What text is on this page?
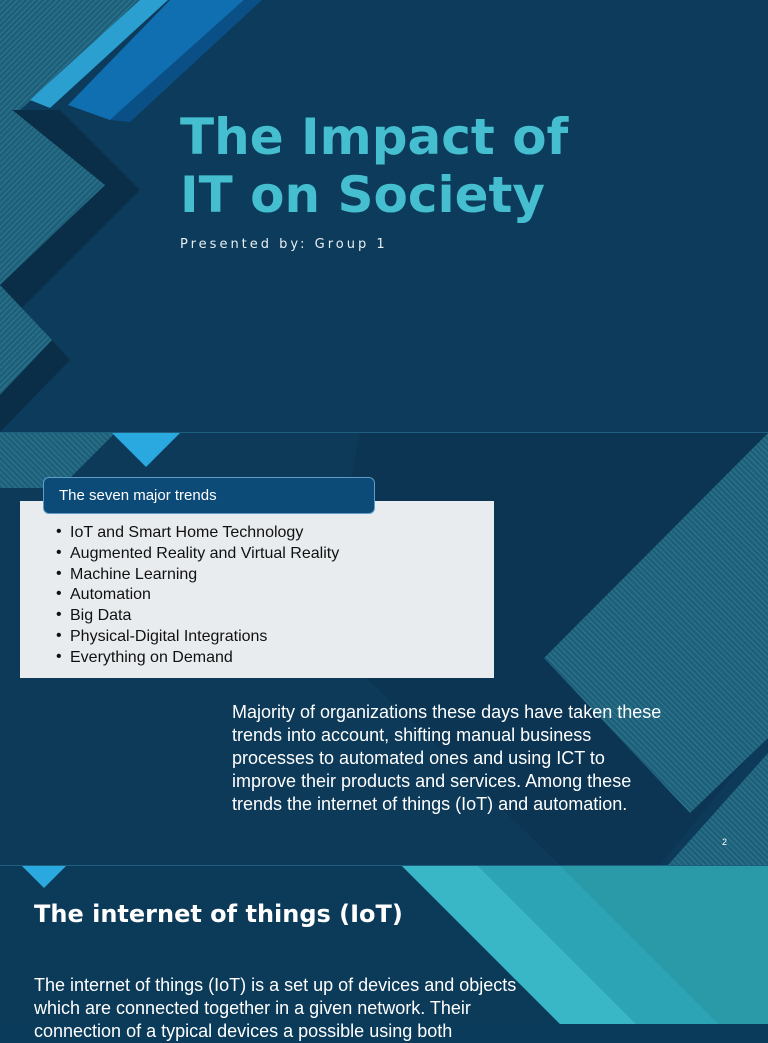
The Impact of
IT on Society
Presented by: Group 1
The seven major trends
• IoT and Smart Home Technology
• Augmented Reality and Virtual Reality
• Machine Learning
• Automation
• Big Data
• Physical-Digital Integrations
• Everything on Demand
Majority of organizations these days have taken these trends into account, shifting manual business processes to automated ones and using ICT to improve their products and services. Among these trends the internet of things (IoT) and automation.
2
The internet of things (IoT)
The internet of things (IoT) is a set up of devices and objects which are connected together in a given network. Their connection of a typical devices a possible using both
